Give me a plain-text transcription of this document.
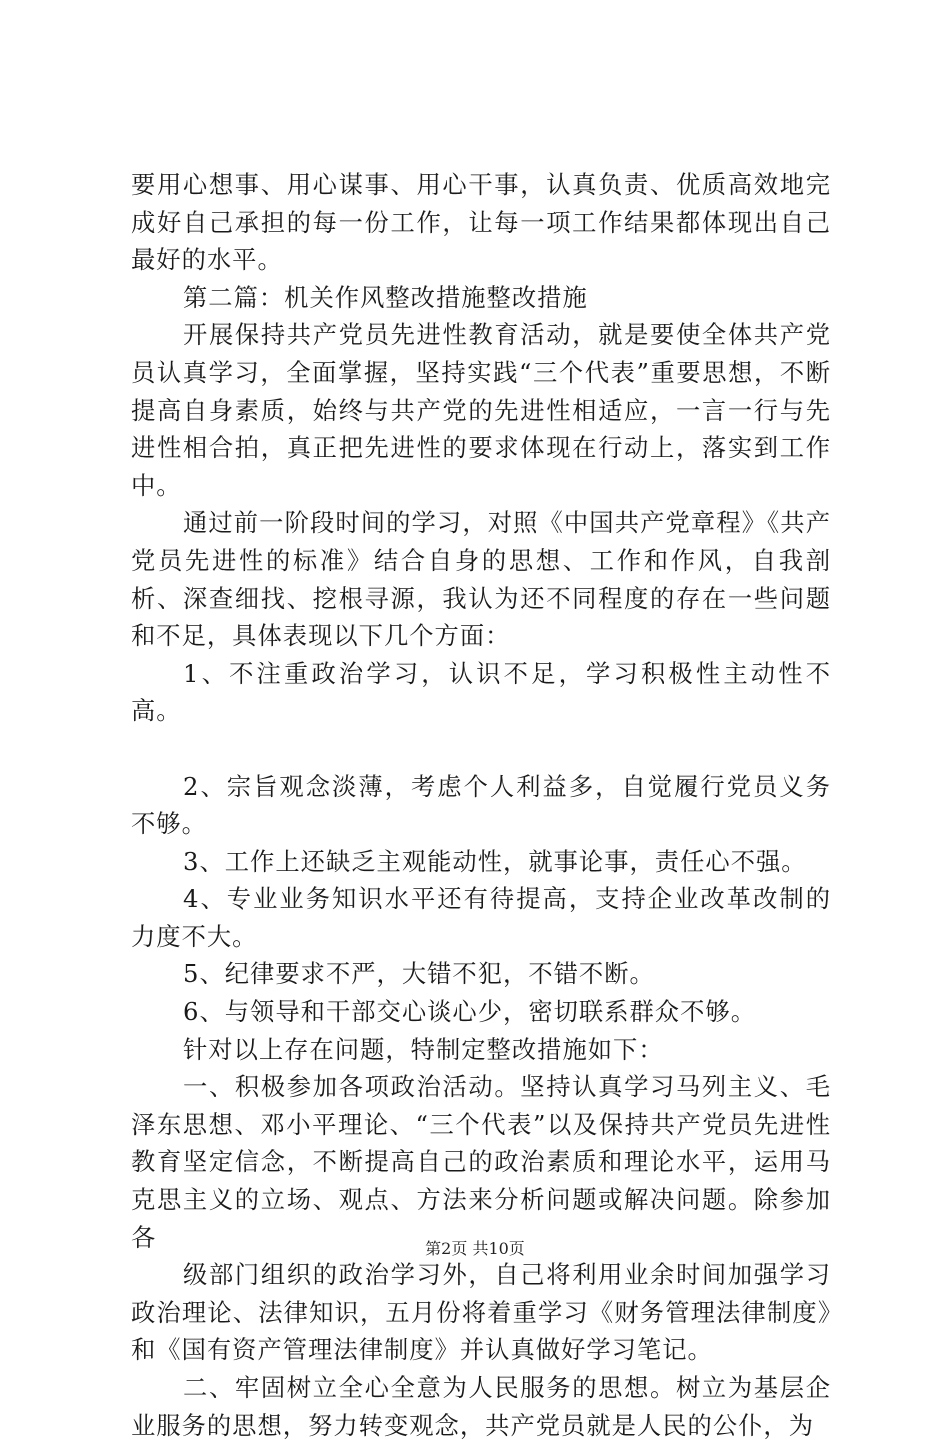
要用心想事、用心谋事、用心干事，认真负责、优质高效地完成好自己承担的每一份工作，让每一项工作结果都体现出自己最好的水平。

第二篇：机关作风整改措施整改措施

开展保持共产党员先进性教育活动，就是要使全体共产党员认真学习，全面掌握，坚持实践“三个代表”重要思想，不断提高自身素质，始终与共产党的先进性相适应，一言一行与先进性相合拍，真正把先进性的要求体现在行动上，落实到工作中。

通过前一阶段时间的学习，对照《中国共产党章程》《共产党员先进性的标准》结合自身的思想、工作和作风，自我剖析、深查细找、挖根寻源，我认为还不同程度的存在一些问题和不足，具体表现以下几个方面：

1、不注重政治学习，认识不足，学习积极性主动性不高。

2、宗旨观念淡薄，考虑个人利益多，自觉履行党员义务不够。

3、工作上还缺乏主观能动性，就事论事，责任心不强。

4、专业业务知识水平还有待提高，支持企业改革改制的力度不大。

5、纪律要求不严，大错不犯，不错不断。

6、与领导和干部交心谈心少，密切联系群众不够。

针对以上存在问题，特制定整改措施如下：

一、积极参加各项政治活动。坚持认真学习马列主义、毛泽东思想、邓小平理论、“三个代表”以及保持共产党员先进性教育坚定信念，不断提高自己的政治素质和理论水平，运用马克思主义的立场、观点、方法来分析问题或解决问题。除参加各

级部门组织的政治学习外，自己将利用业余时间加强学习政治理论、法律知识，五月份将着重学习《财务管理法律制度》和《国有资产管理法律制度》并认真做好学习笔记。

二、牢固树立全心全意为人民服务的思想。树立为基层企业服务的思想，努力转变观念，共产党员就是人民的公仆，为

第2页 共10页
